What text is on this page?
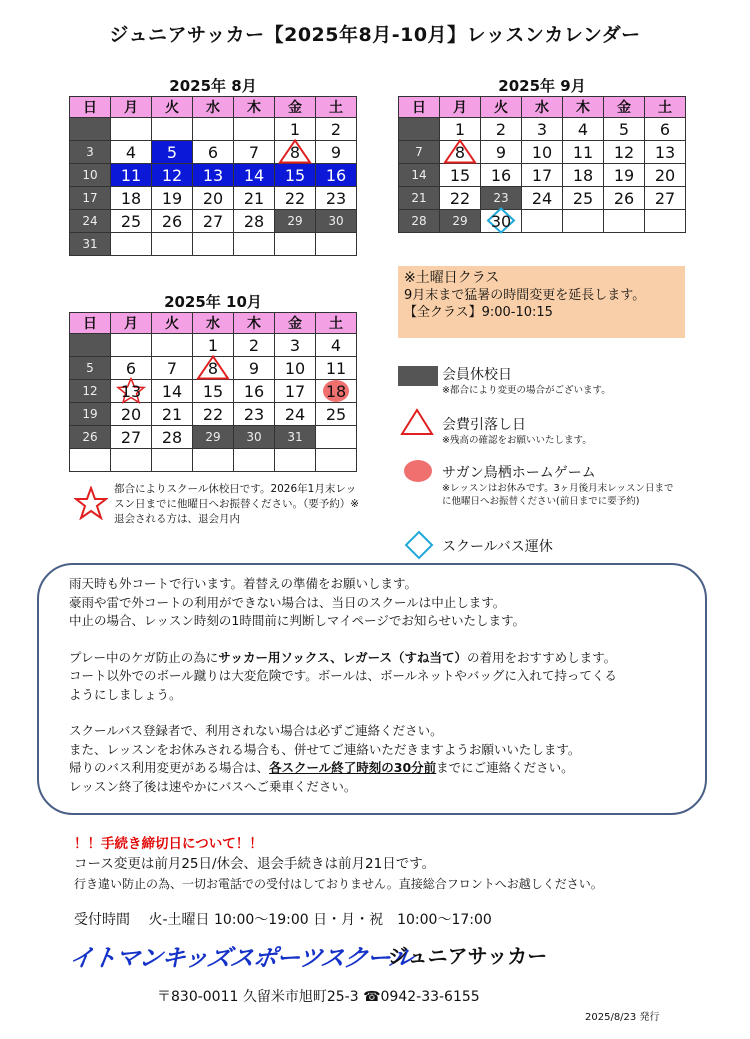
ジュニアサッカー【2025年8月-10月】レッスンカレンダー
2025年 8月
日	月	火	水	木	金	土
					1	2
3	4	5	6	7	8	9
10	11	12	13	14	15	16
17	18	19	20	21	22	23
24	25	26	27	28	29	30
31						
2025年 9月
日	月	火	水	木	金	土
	1	2	3	4	5	6
7	8	9	10	11	12	13
14	15	16	17	18	19	20
21	22	23	24	25	26	27
28	29	30				
※土曜日クラス
9月末まで猛暑の時間変更を延長します。
【全クラス】9:00-10:15
2025年 10月
日	月	火	水	木	金	土
			1	2	3	4
5	6	7	8	9	10	11
12	13	14	15	16	17	18
19	20	21	22	23	24	25
26	27	28	29	30	31	

会員休校日
※都合により変更の場合がございます。
会費引落し日
※残高の確認をお願いいたします。
サガン鳥栖ホームゲーム
※レッスンはお休みです。3ヶ月後月末レッスン日までに他曜日へお振替ください(前日までに要予約)
スクールバス運休
都合によりスクール休校日です。2026年1月末レッスン日までに他曜日へお振替ください。（要予約）※退会される方は、退会月内

雨天時も外コートで行います。着替えの準備をお願いします。

豪雨や雷で外コートの利用ができない場合は、当日のスクールは中止します。

中止の場合、レッスン時刻の1時間前に判断しマイページでお知らせいたします。

プレー中のケガ防止の為にサッカー用ソックス、レガース（すね当て）の着用をおすすめします。

コート以外でのボール蹴りは大変危険です。ボールは、ボールネットやバッグに入れて持ってくる

ようにしましょう。

スクールバス登録者で、利用されない場合は必ずご連絡ください。

また、レッスンをお休みされる場合も、併せてご連絡いただきますようお願いいたします。

帰りのバス利用変更がある場合は、各スクール終了時刻の30分前までにご連絡ください。

レッスン終了後は速やかにバスへご乗車ください。

！！手続き締切日について！！
コース変更は前月25日/休会、退会手続きは前月21日です。
行き違い防止の為、一切お電話での受付はしておりません。直接総合フロントへお越しください。
受付時間　 火-土曜日 10:00～19:00 日・月・祝　10:00～17:00
イトマンキッズスポーツスクール
ジュニアサッカー
〒830-0011 久留米市旭町25-3 ☎0942-33-6155
2025/8/23 発行
